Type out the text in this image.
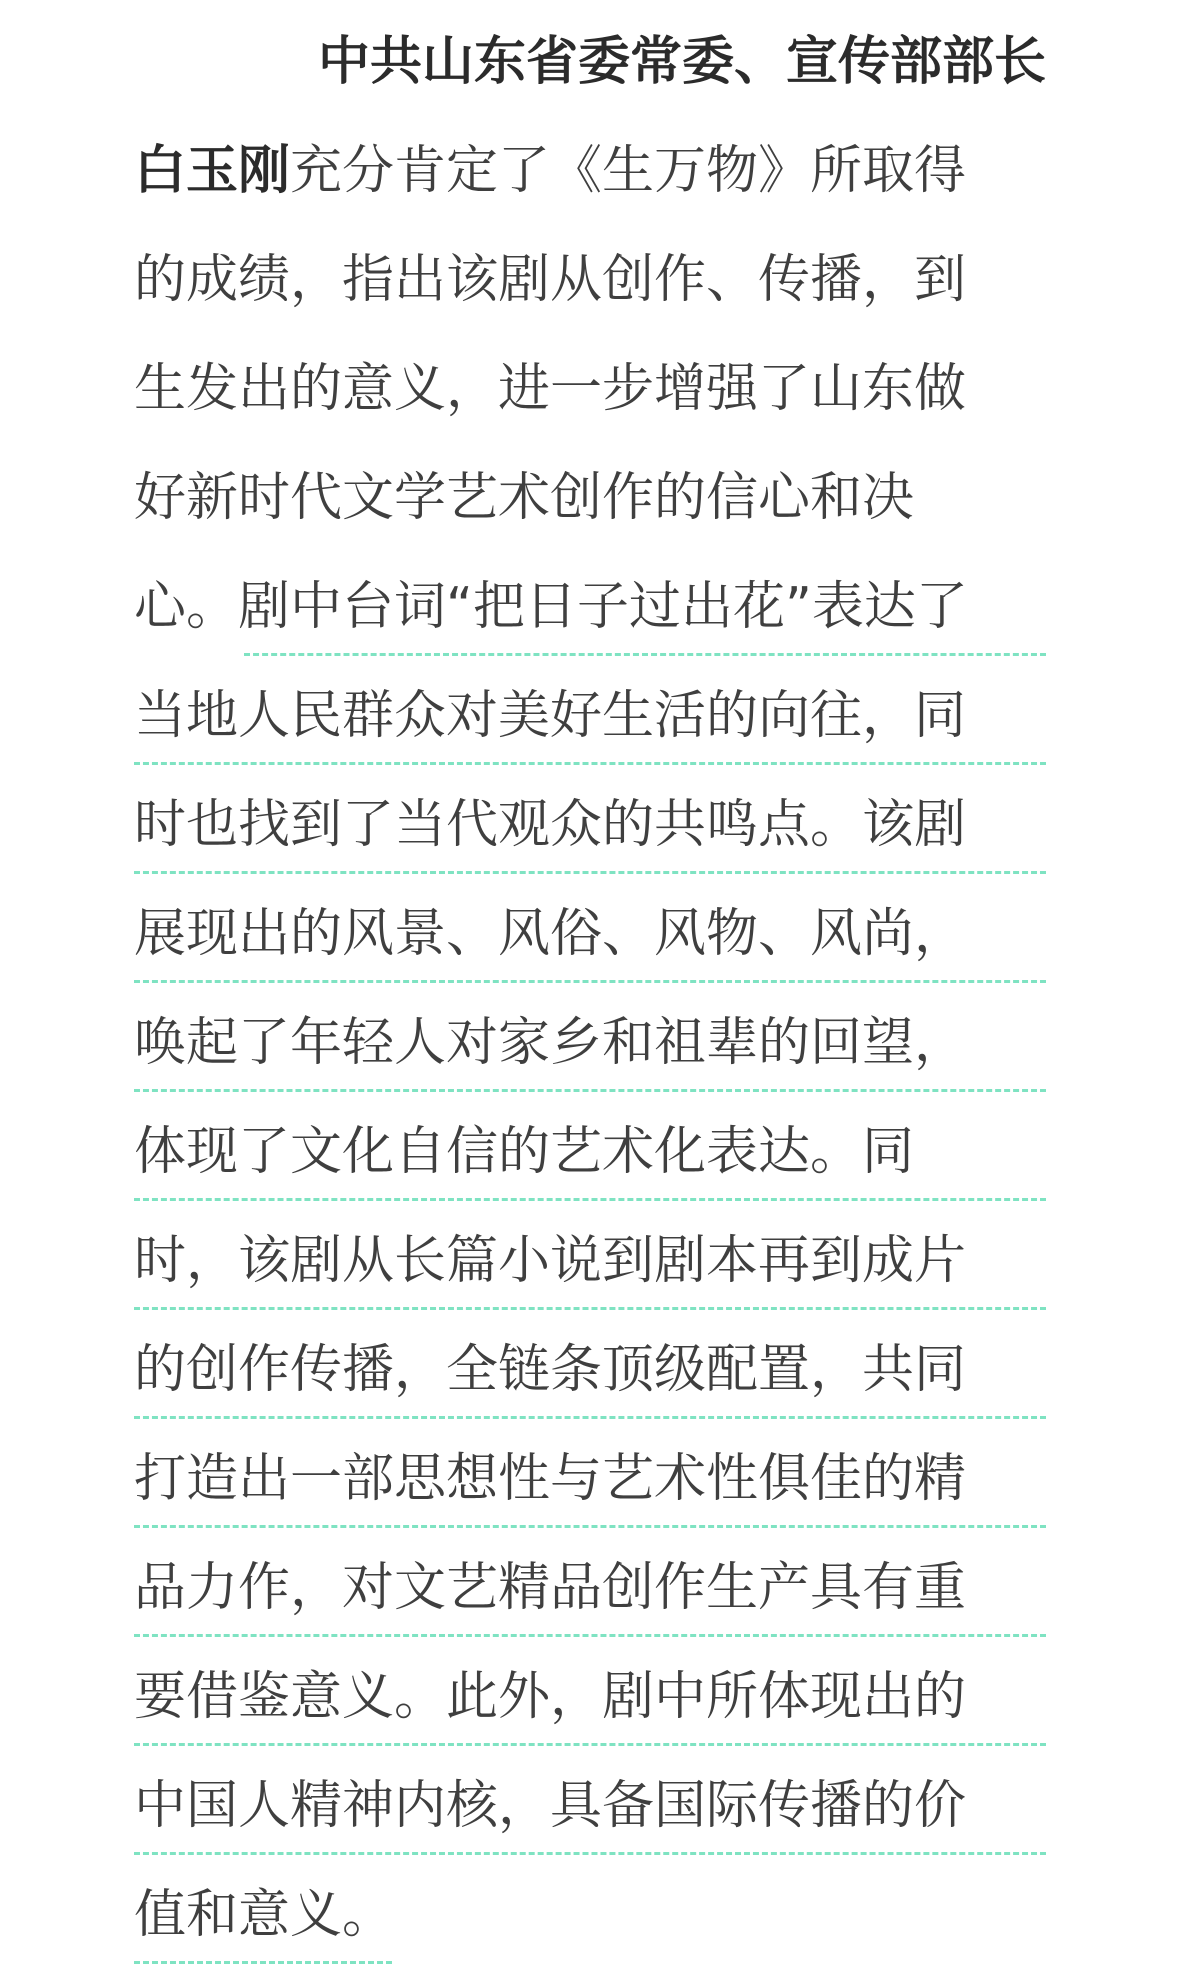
中共山东省委常委、宣传部部长
白玉刚充分肯定了《生万物》所取得
的成绩，指出该剧从创作、传播，到
生发出的意义，进一步增强了山东做
好新时代文学艺术创作的信心和决
心。剧中台词“把日子过出花”表达了
当地人民群众对美好生活的向往，同
时也找到了当代观众的共鸣点。该剧
展现出的风景、风俗、风物、风尚，
唤起了年轻人对家乡和祖辈的回望，
体现了文化自信的艺术化表达。同
时，该剧从长篇小说到剧本再到成片
的创作传播，全链条顶级配置，共同
打造出一部思想性与艺术性俱佳的精
品力作，对文艺精品创作生产具有重
要借鉴意义。此外，剧中所体现出的
中国人精神内核，具备国际传播的价
值和意义。
